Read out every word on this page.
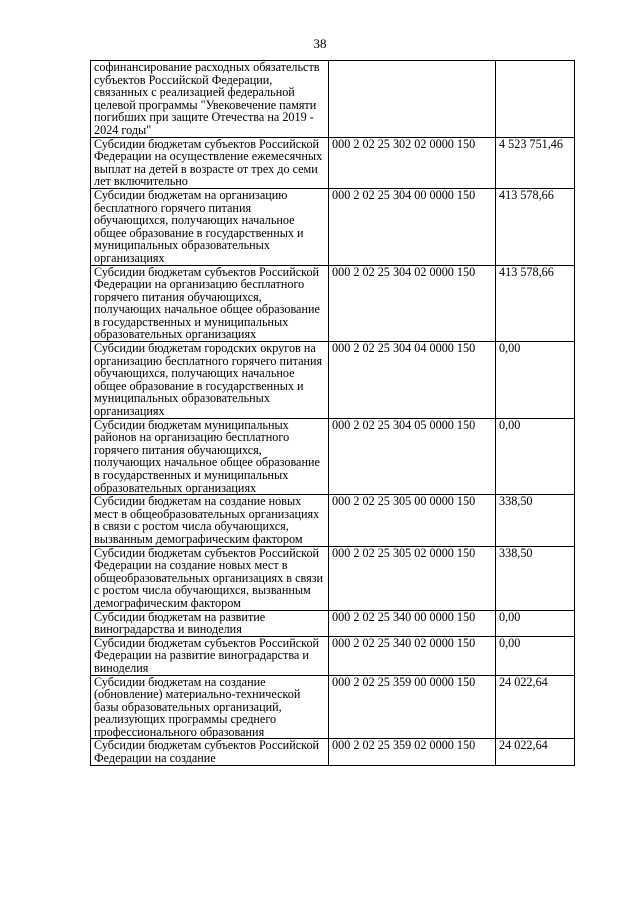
38
софинансирование расходных обязательств субъектов Российской Федерации, связанных с реализацией федеральной целевой программы "Увековечение памяти погибших при защите Отечества на 2019 - 2024 годы"		
Субсидии бюджетам субъектов Российской Федерации на осуществление ежемесячных выплат на детей в возрасте от трех до семи лет включительно	000 2 02 25 302 02 0000 150	4 523 751,46
Субсидии бюджетам на организацию бесплатного горячего питания обучающихся, получающих начальное общее образование в государственных и муниципальных образовательных организациях	000 2 02 25 304 00 0000 150	413 578,66
Субсидии бюджетам субъектов Российской Федерации на организацию бесплатного горячего питания обучающихся, получающих начальное общее образование в государственных и муниципальных образовательных организациях	000 2 02 25 304 02 0000 150	413 578,66
Субсидии бюджетам городских округов на организацию бесплатного горячего питания обучающихся, получающих начальное общее образование в государственных и муниципальных образовательных организациях	000 2 02 25 304 04 0000 150	0,00
Субсидии бюджетам муниципальных районов на организацию бесплатного горячего питания обучающихся, получающих начальное общее образование в государственных и муниципальных образовательных организациях	000 2 02 25 304 05 0000 150	0,00
Субсидии бюджетам на создание новых мест в общеобразовательных организациях в связи с ростом числа обучающихся, вызванным демографическим фактором	000 2 02 25 305 00 0000 150	338,50
Субсидии бюджетам субъектов Российской Федерации на создание новых мест в общеобразовательных организациях в связи с ростом числа обучающихся, вызванным демографическим фактором	000 2 02 25 305 02 0000 150	338,50
Субсидии бюджетам на развитие виноградарства и виноделия	000 2 02 25 340 00 0000 150	0,00
Субсидии бюджетам субъектов Российской Федерации на развитие виноградарства и виноделия	000 2 02 25 340 02 0000 150	0,00
Субсидии бюджетам на создание (обновление) материально-технической базы образовательных организаций, реализующих программы среднего профессионального образования	000 2 02 25 359 00 0000 150	24 022,64
Субсидии бюджетам субъектов Российской Федерации на создание	000 2 02 25 359 02 0000 150	24 022,64
